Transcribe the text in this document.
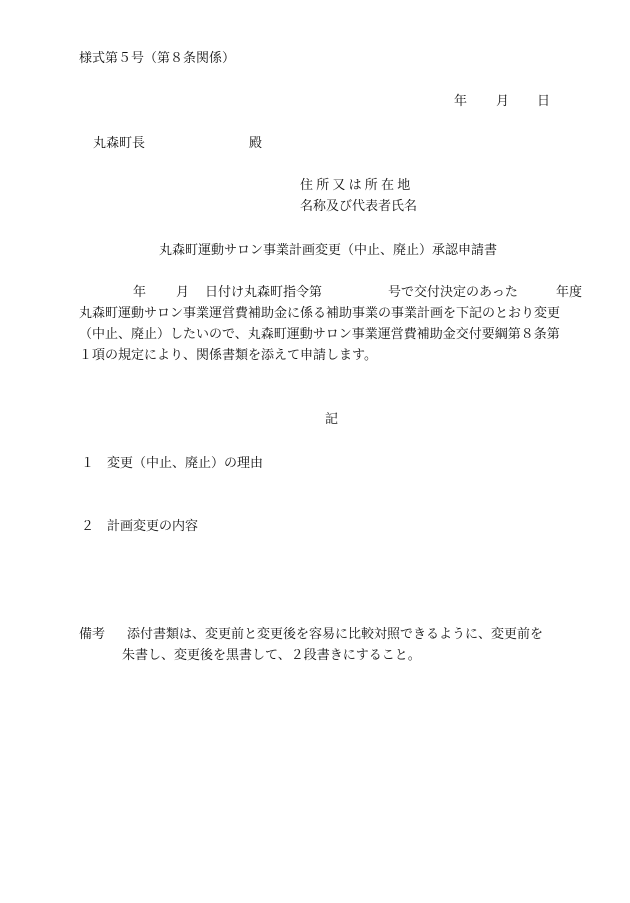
様式第５号（第８条関係）
年 月 日
丸森町長	殿
住所又は所在地
名称及び代表者氏名
丸森町運動サロン事業計画変更（中止、廃止）承認申請書
年 月 日付け丸森町指令第	号で交付決定のあった	年度
丸森町運動サロン事業運営費補助金に係る補助事業の事業計画を下記のとおり変更
（中止、廃止）したいので、丸森町運動サロン事業運営費補助金交付要綱第８条第
１項の規定により、関係書類を添えて申請します。
記
１ 変更（中止、廃止）の理由
２ 計画変更の内容
備考 添付書類は、変更前と変更後を容易に比較対照できるように、変更前を
朱書し、変更後を黒書して、２段書きにすること。
